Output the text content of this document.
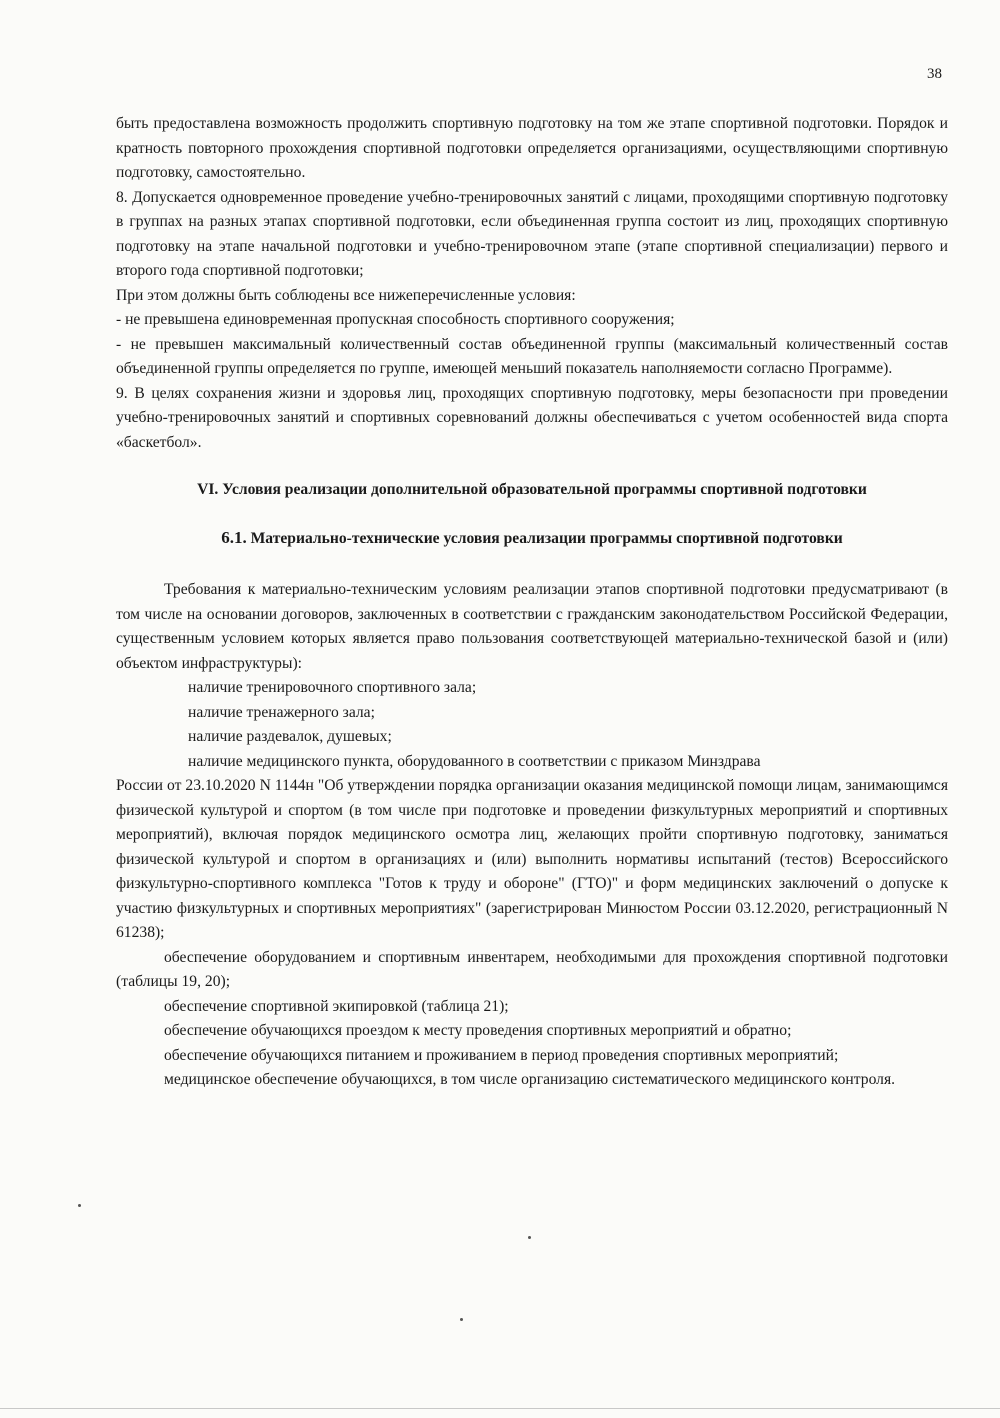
38

быть предоставлена возможность продолжить спортивную подготовку на том же этапе спортивной подготовки. Порядок и кратность повторного прохождения спортивной подготовки определяется организациями, осуществляющими спортивную подготовку, самостоятельно.

8. Допускается одновременное проведение учебно-тренировочных занятий с лицами, проходящими спортивную подготовку в группах на разных этапах спортивной подготовки, если объединенная группа состоит из лиц, проходящих спортивную подготовку на этапе начальной подготовки и учебно-тренировочном этапе (этапе спортивной специализации) первого и второго года спортивной подготовки;

При этом должны быть соблюдены все нижеперечисленные условия:

- не превышена единовременная пропускная способность спортивного сооружения;

- не превышен максимальный количественный состав объединенной группы (максимальный количественный состав объединенной группы определяется по группе, имеющей меньший показатель наполняемости согласно Программе).

9. В целях сохранения жизни и здоровья лиц, проходящих спортивную подготовку, меры безопасности при проведении учебно-тренировочных занятий и спортивных соревнований должны обеспечиваться с учетом особенностей вида спорта «баскетбол».

VI. Условия реализации дополнительной образовательной программы спортивной подготовки

6.1. Материально-технические условия реализации программы спортивной подготовки

Требования к материально-техническим условиям реализации этапов спортивной подготовки предусматривают (в том числе на основании договоров, заключенных в соответствии с гражданским законодательством Российской Федерации, существенным условием которых является право пользования соответствующей материально-технической базой и (или) объектом инфраструктуры):

наличие тренировочного спортивного зала;

наличие тренажерного зала;

наличие раздевалок, душевых;

наличие медицинского пункта, оборудованного в соответствии с приказом Минздрава

России от 23.10.2020 N 1144н "Об утверждении порядка организации оказания медицинской помощи лицам, занимающимся физической культурой и спортом (в том числе при подготовке и проведении физкультурных мероприятий и спортивных мероприятий), включая порядок медицинского осмотра лиц, желающих пройти спортивную подготовку, заниматься физической культурой и спортом в организациях и (или) выполнить нормативы испытаний (тестов) Всероссийского физкультурно-спортивного комплекса "Готов к труду и обороне" (ГТО)" и форм медицинских заключений о допуске к участию физкультурных и спортивных мероприятиях" (зарегистрирован Минюстом России 03.12.2020, регистрационный N 61238);

обеспечение оборудованием и спортивным инвентарем, необходимыми для прохождения спортивной подготовки (таблицы 19, 20);

обеспечение спортивной экипировкой (таблица 21);

обеспечение обучающихся проездом к месту проведения спортивных мероприятий и обратно;

обеспечение обучающихся питанием и проживанием в период проведения спортивных мероприятий;

медицинское обеспечение обучающихся, в том числе организацию систематического медицинского контроля.
